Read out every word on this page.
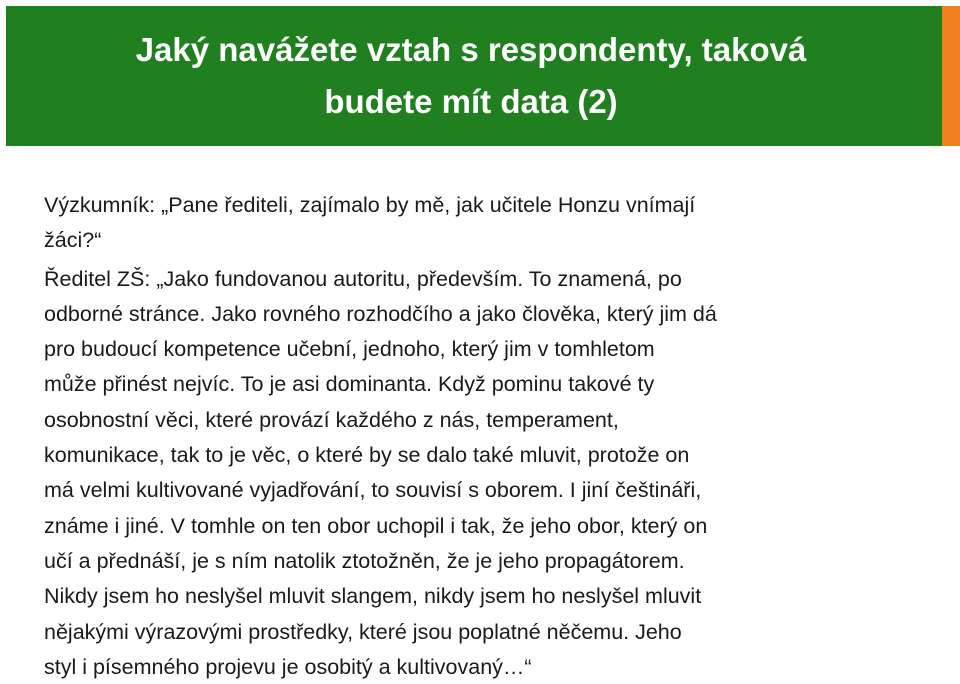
Jaký navážete vztah s respondenty, taková
budete mít data (2)

Výzkumník: „Pane řediteli, zajímalo by mě, jak učitele Honzu vnímají
žáci?“

Ředitel ZŠ: „Jako fundovanou autoritu, především. To znamená, po
odborné stránce. Jako rovného rozhodčího a jako člověka, který jim dá
pro budoucí kompetence učební, jednoho, který jim v tomhletom
může přinést nejvíc. To je asi dominanta. Když pominu takové ty
osobnostní věci, které provází každého z nás, temperament,
komunikace, tak to je věc, o které by se dalo také mluvit, protože on
má velmi kultivované vyjadřování, to souvisí s oborem. I jiní češtináři,
známe i jiné. V tomhle on ten obor uchopil i tak, že jeho obor, který on
učí a přednáší, je s ním natolik ztotožněn, že je jeho propagátorem.
Nikdy jsem ho neslyšel mluvit slangem, nikdy jsem ho neslyšel mluvit
nějakými výrazovými prostředky, které jsou poplatné něčemu. Jeho
styl i písemného projevu je osobitý a kultivovaný…“
